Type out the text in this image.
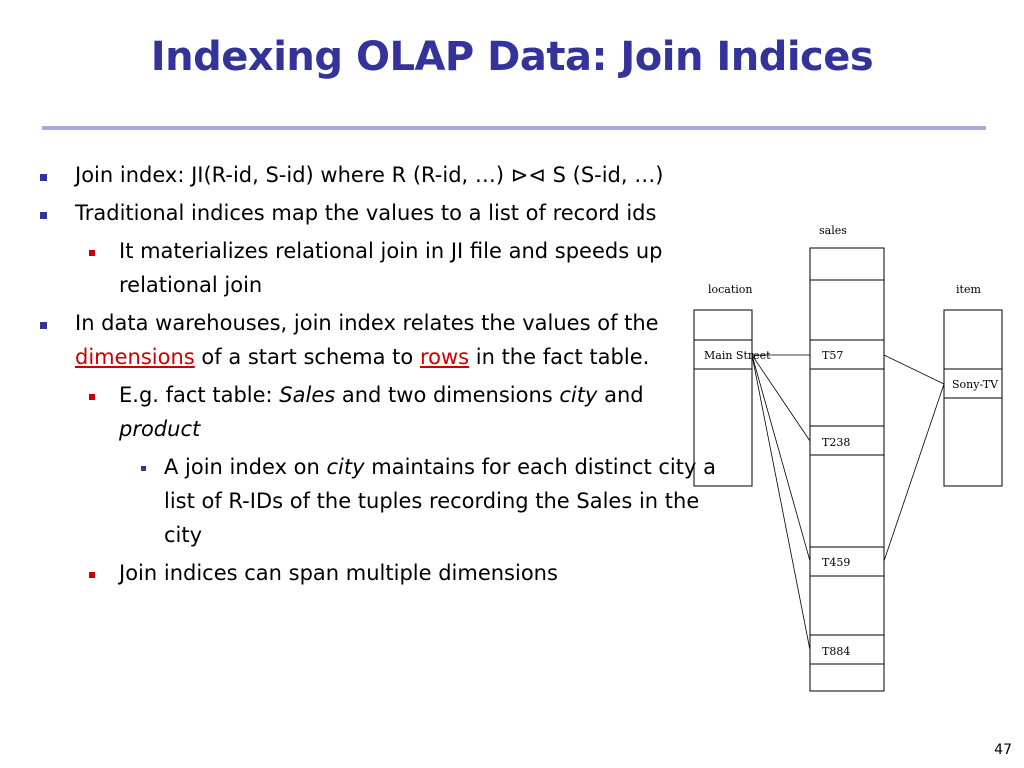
Indexing OLAP Data: Join Indices
Join index: JI(R-id, S-id) where R (R-id, …) ⊳⊲ S (S-id, …)
Traditional indices map the values to a list of record ids
It materializes relational join in JI file and speeds up relational join
In data warehouses, join index relates the values of the dimensions of a start schema to rows in the fact table.
E.g. fact table: Sales and two dimensions city and product
A join index on city maintains for each distinct city a list of R-IDs of the tuples recording the Sales in the city
Join indices can span multiple dimensions
sales
T57
T238
T459
T884
location
Main Street
item
Sony-TV
47
